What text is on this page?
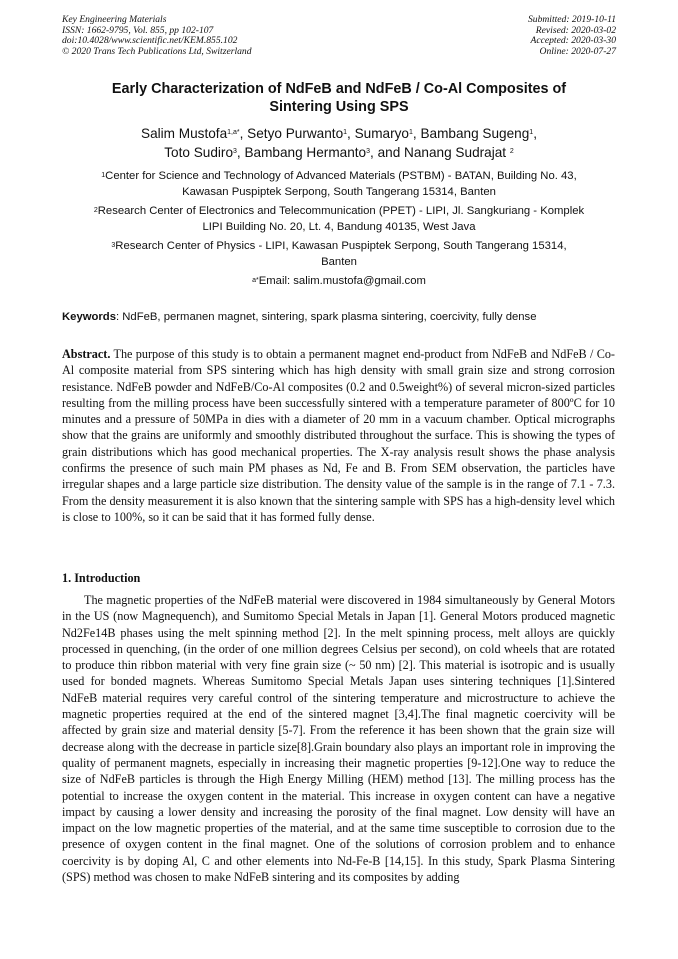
Key Engineering Materials
ISSN: 1662-9795, Vol. 855, pp 102-107
doi:10.4028/www.scientific.net/KEM.855.102
© 2020 Trans Tech Publications Ltd, Switzerland
Submitted: 2019-10-11
Revised: 2020-03-02
Accepted: 2020-03-30
Online: 2020-07-27
Early Characterization of NdFeB and NdFeB / Co-Al Composites of
Sintering Using SPS
Salim Mustofa$^{1,a*}$, Setyo Purwanto$^1$, Sumaryo$^1$, Bambang Sugeng$^1$,
Toto Sudiro$^3$, Bambang Hermanto$^3$, and Nanang Sudrajat $^2$
$^1$Center for Science and Technology of Advanced Materials (PSTBM) - BATAN, Building No. 43,
Kawasan Puspiptek Serpong, South Tangerang 15314, Banten
$^2$Research Center of Electronics and Telecommunication (PPET) - LIPI, Jl. Sangkuriang - Komplek
LIPI Building No. 20, Lt. 4, Bandung 40135, West Java
$^3$Research Center of Physics - LIPI, Kawasan Puspiptek Serpong, South Tangerang 15314,
Banten
$^{a*}$Email: salim.mustofa@gmail.com
Keywords: NdFeB, permanen magnet, sintering, spark plasma sintering, coercivity, fully dense
Abstract. The purpose of this study is to obtain a permanent magnet end-product from NdFeB and NdFeB / Co-Al composite material from SPS sintering which has high density with small grain size and strong corrosion resistance. NdFeB powder and NdFeB/Co-Al composites (0.2 and 0.5weight%) of several micron-sized particles resulting from the milling process have been successfully sintered with a temperature parameter of 800ºC for 10 minutes and a pressure of 50MPa in dies with a diameter of 20 mm in a vacuum chamber. Optical micrographs show that the grains are uniformly and smoothly distributed throughout the surface. This is showing the types of grain distributions which has good mechanical properties. The X-ray analysis result shows the phase analysis confirms the presence of such main PM phases as Nd, Fe and B. From SEM observation, the particles have irregular shapes and a large particle size distribution. The density value of the sample is in the range of 7.1 - 7.3. From the density measurement it is also known that the sintering sample with SPS has a high-density level which is close to 100%, so it can be said that it has formed fully dense.
1. Introduction
The magnetic properties of the NdFeB material were discovered in 1984 simultaneously by General Motors in the US (now Magnequench), and Sumitomo Special Metals in Japan [1]. General Motors produced magnetic Nd2Fe14B phases using the melt spinning method [2]. In the melt spinning process, melt alloys are quickly processed in quenching, (in the order of one million degrees Celsius per second), on cold wheels that are rotated to produce thin ribbon material with very fine grain size (~ 50 nm) [2]. This material is isotropic and is usually used for bonded magnets. Whereas Sumitomo Special Metals Japan uses sintering techniques [1].Sintered NdFeB material requires very careful control of the sintering temperature and microstructure to achieve the magnetic properties required at the end of the sintered magnet [3,4].The final magnetic coercivity will be affected by grain size and material density [5-7]. From the reference it has been shown that the grain size will decrease along with the decrease in particle size[8].Grain boundary also plays an important role in improving the quality of permanent magnets, especially in increasing their magnetic properties [9-12].One way to reduce the size of NdFeB particles is through the High Energy Milling (HEM) method [13]. The milling process has the potential to increase the oxygen content in the material. This increase in oxygen content can have a negative impact by causing a lower density and increasing the porosity of the final magnet. Low density will have an impact on the low magnetic properties of the material, and at the same time susceptible to corrosion due to the presence of oxygen content in the final magnet. One of the solutions of corrosion problem and to enhance coercivity is by doping Al, C and other elements into Nd-Fe-B [14,15]. In this study, Spark Plasma Sintering (SPS) method was chosen to make NdFeB sintering and its composites by adding
